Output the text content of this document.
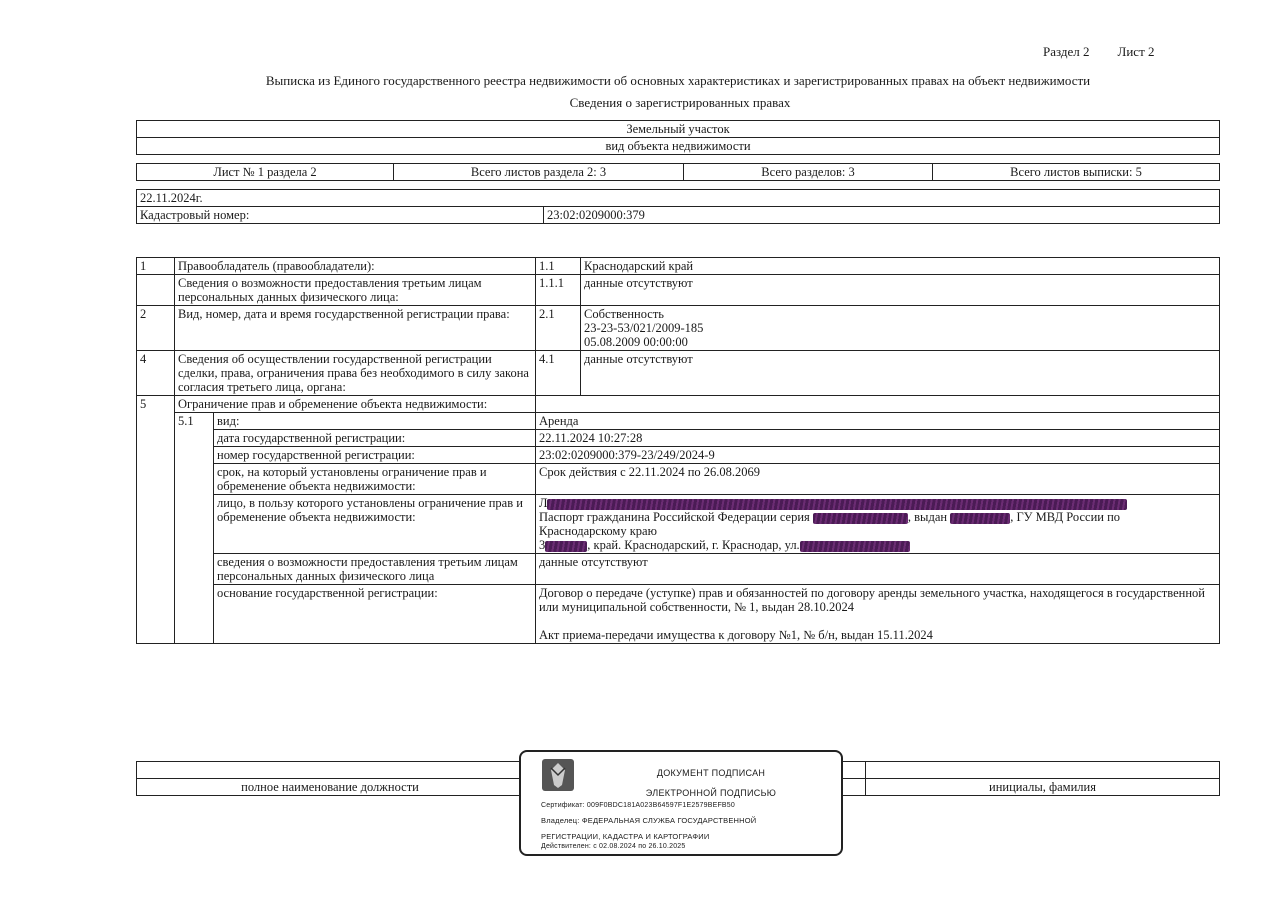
Раздел 2 Лист 2
Выписка из Единого государственного реестра недвижимости об основных характеристиках и зарегистрированных правах на объект недвижимости
Сведения о зарегистрированных правах
Земельный участок
вид объекта недвижимости
Лист № 1 раздела 2	Всего листов раздела 2: 3	Всего разделов: 3	Всего листов выписки: 5
22.11.2024г.
Кадастровый номер:	23:02:0209000:379
1	Правообладатель (правообладатели):		1.1	Краснодарский край
	Сведения о возможности предоставления третьим лицам персональных данных физического лица:		1.1.1	данные отсутствуют
2	Вид, номер, дата и время государственной регистрации права:		2.1	Собственность
23-23-53/021/2009-185
05.08.2009 00:00:00

4	Сведения об осуществлении государственной регистрации сделки, права, ограничения права без необходимого в силу закона согласия третьего лица, органа:		4.1	данные отсутствуют
5	Ограничение прав и обременение объекта недвижимости:			
	5.1	вид:	Аренда	
		дата государственной регистрации:	22.11.2024 10:27:28	
		номер государственной регистрации:	23:02:0209000:379-23/249/2024-9	
		срок, на который установлены ограничение прав и обременение объекта недвижимости:	Срок действия с 22.11.2024 по 26.08.2069	
		лицо, в пользу которого установлены ограничение прав и обременение объекта недвижимости:	Л
Паспорт гражданина Российской Федерации серия , выдан , ГУ МВД России по
Краснодарскому краю
3 , край. Краснодарский, г. Краснодар, ул.	

		сведения о возможности предоставления третьим лицам персональных данных физического лица	данные отсутствуют	
		основание государственной регистрации:	Договор о передаче (уступке) прав и обязанностей по договору аренды земельного участка, находящегося в государственной или муниципальной собственности, № 1, выдан 28.10.2024
Акт приема-передачи имущества к договору №1, № б/н, выдан 15.11.2024	

полное наименование должности		инициалы, фамилия
ДОКУМЕНТ ПОДПИСАН
ЭЛЕКТРОННОЙ ПОДПИСЬЮ
Сертификат: 009F0BDC181A023B64597F1E2579BEFB50
Владелец: ФЕДЕРАЛЬНАЯ СЛУЖБА ГОСУДАРСТВЕННОЙ
РЕГИСТРАЦИИ, КАДАСТРА И КАРТОГРАФИИ
Действителен: с 02.08.2024 по 26.10.2025
